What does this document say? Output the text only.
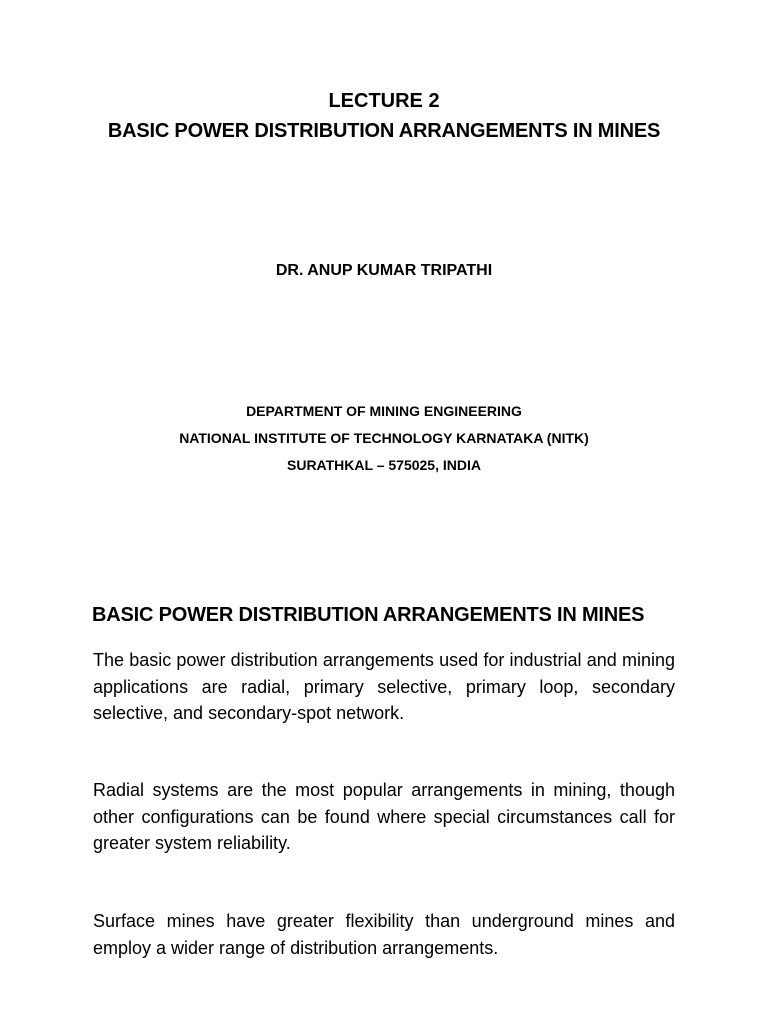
LECTURE 2
BASIC POWER DISTRIBUTION ARRANGEMENTS IN MINES
DR. ANUP KUMAR TRIPATHI
DEPARTMENT OF MINING ENGINEERING
NATIONAL INSTITUTE OF TECHNOLOGY KARNATAKA (NITK)
SURATHKAL – 575025, INDIA
BASIC POWER DISTRIBUTION ARRANGEMENTS IN MINES

The basic power distribution arrangements used for industrial and mining applications are radial, primary selective, primary loop, secondary selective, and secondary-spot network.

Radial systems are the most popular arrangements in mining, though other configurations can be found where special circumstances call for greater system reliability.

Surface mines have greater flexibility than underground mines and employ a wider range of distribution arrangements.
